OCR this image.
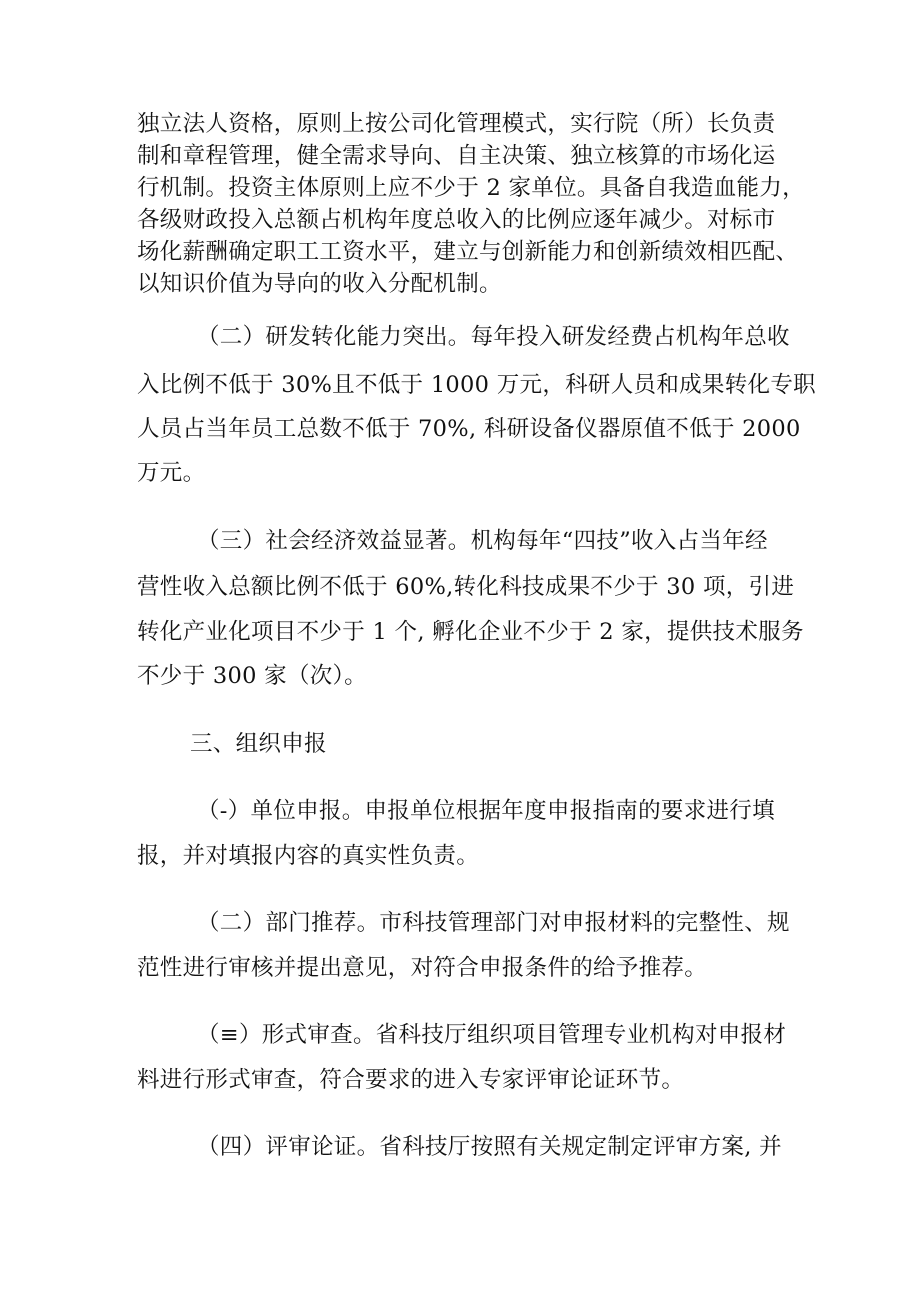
独立法人资格，原则上按公司化管理模式，实行院（所）长负责
制和章程管理，健全需求导向、自主决策、独立核算的市场化运
行机制。投资主体原则上应不少于 2 家单位。具备自我造血能力，
各级财政投入总额占机构年度总收入的比例应逐年减少。对标市
场化薪酬确定职工工资水平，建立与创新能力和创新绩效相匹配、
以知识价值为导向的收入分配机制。
（二）研发转化能力突出。每年投入研发经费占机构年总收
入比例不低于 30%且不低于 1000 万元，科研人员和成果转化专职
人员占当年员工总数不低于 70%, 科研设备仪器原值不低于 2000
万元。
（三）社会经济效益显著。机构每年“四技”收入占当年经
营性收入总额比例不低于 60%,转化科技成果不少于 30 项，引进
转化产业化项目不少于 1 个, 孵化企业不少于 2 家，提供技术服务
不少于 300 家（次）。
三、组织申报
（-）单位申报。申报单位根据年度申报指南的要求进行填
报，并对填报内容的真实性负责。
（二）部门推荐。市科技管理部门对申报材料的完整性、规
范性进行审核并提出意见，对符合申报条件的给予推荐。
（≡）形式审查。省科技厅组织项目管理专业机构对申报材
料进行形式审查，符合要求的进入专家评审论证环节。
（四）评审论证。省科技厅按照有关规定制定评审方案, 并
